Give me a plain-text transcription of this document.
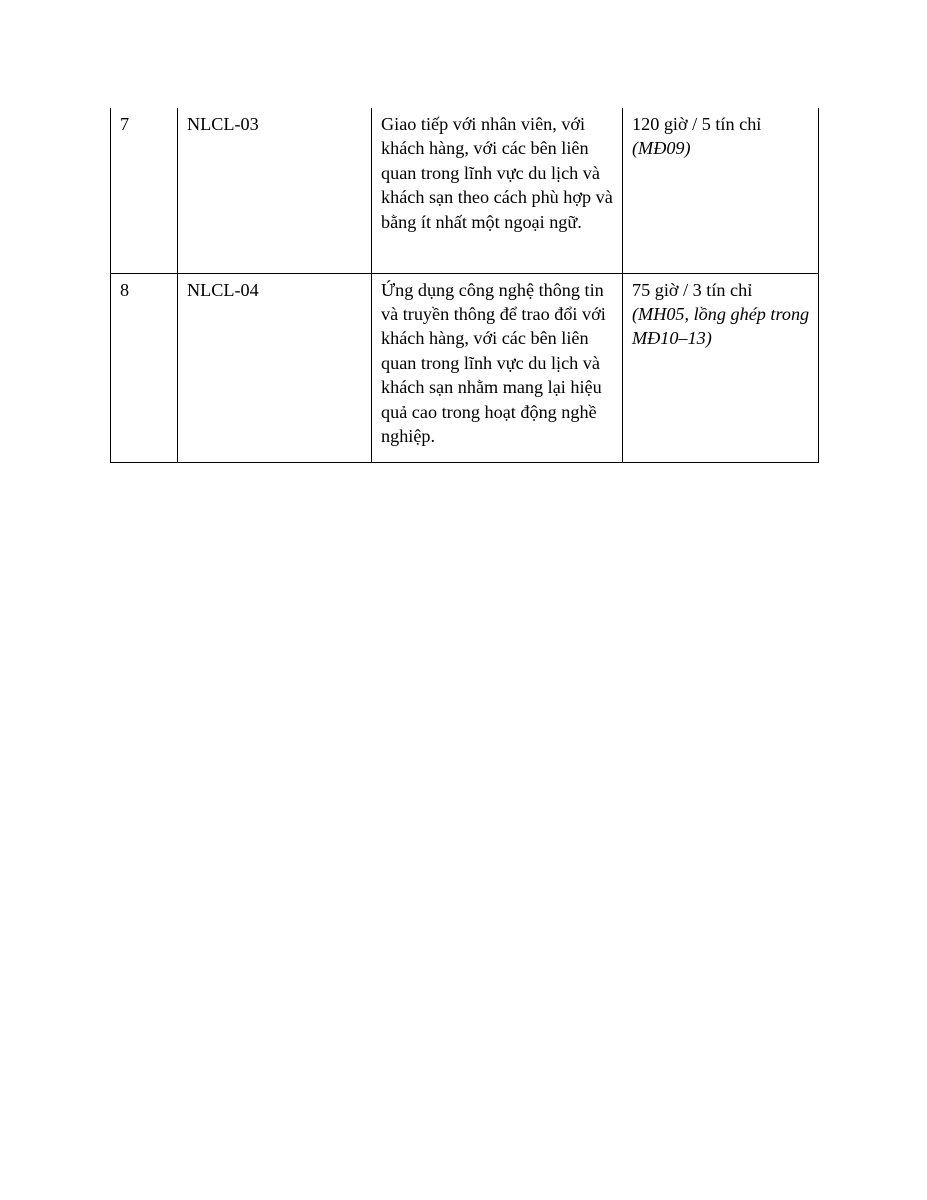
7	NLCL-03	Giao tiếp với nhân viên, với khách hàng, với các bên liên quan trong lĩnh vực du lịch và khách sạn theo cách phù hợp và bằng ít nhất một ngoại ngữ.	120 giờ / 5 tín chỉ
(MĐ09)

8	NLCL-04	Ứng dụng công nghệ thông tin và truyền thông để trao đổi với khách hàng, với các bên liên quan trong lĩnh vực du lịch và khách sạn nhằm mang lại hiệu quả cao trong hoạt động nghề nghiệp.	75 giờ / 3 tín chỉ
(MH05, lồng ghép trong MĐ10–13)
